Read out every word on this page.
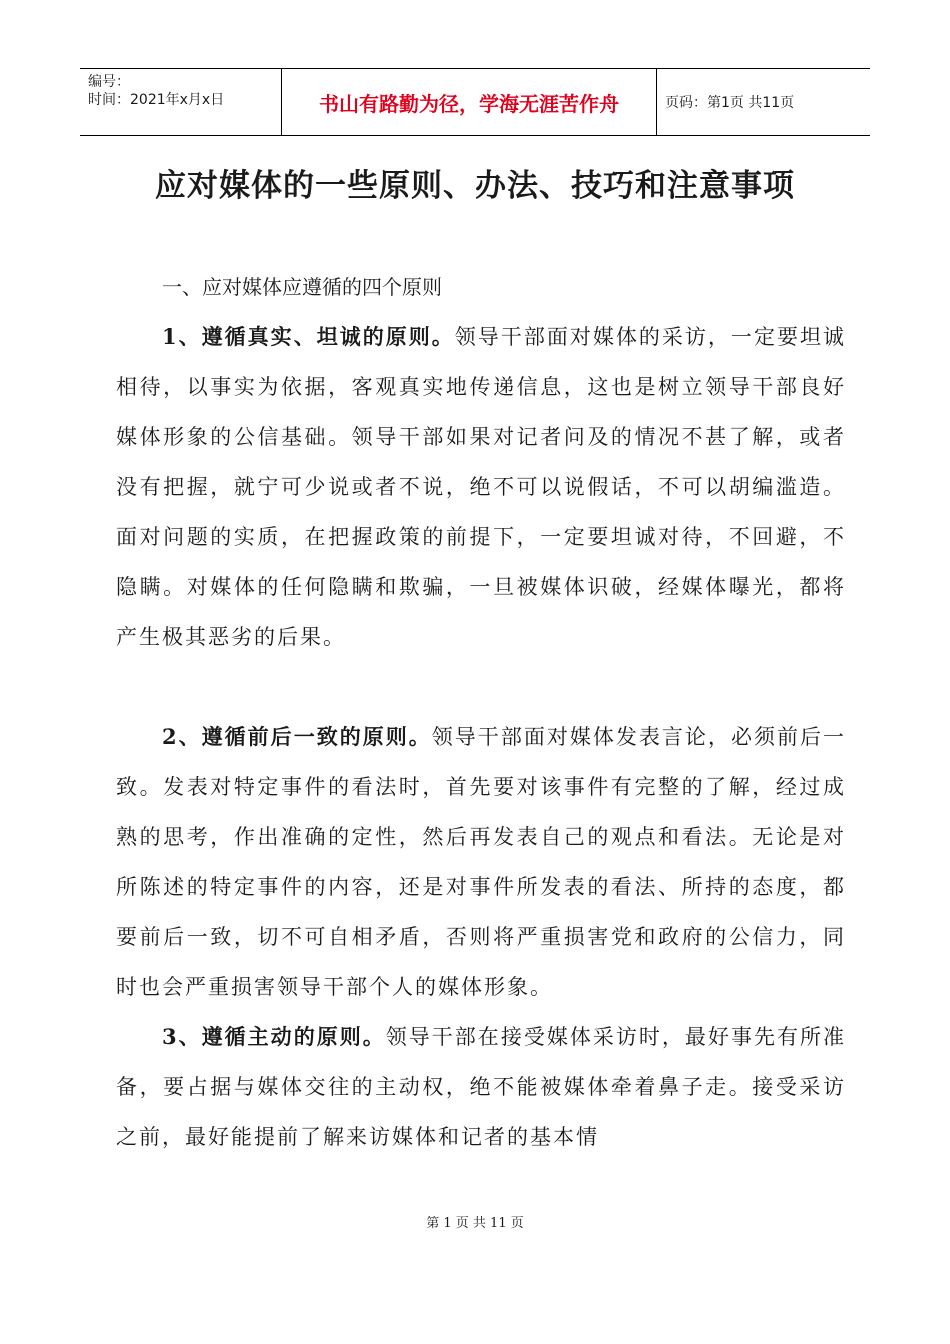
编号：
时间：2021年x月x日	书山有路勤为径，学海无涯苦作舟	页码：第1页 共11页
应对媒体的一些原则、办法、技巧和注意事项

一、应对媒体应遵循的四个原则

1、遵循真实、坦诚的原则。领导干部面对媒体的采访，一定要坦诚相待，以事实为依据，客观真实地传递信息，这也是树立领导干部良好媒体形象的公信基础。领导干部如果对记者问及的情况不甚了解，或者没有把握，就宁可少说或者不说，绝不可以说假话，不可以胡编滥造。面对问题的实质，在把握政策的前提下，一定要坦诚对待，不回避，不隐瞒。对媒体的任何隐瞒和欺骗，一旦被媒体识破，经媒体曝光，都将产生极其恶劣的后果。

2、遵循前后一致的原则。领导干部面对媒体发表言论，必须前后一致。发表对特定事件的看法时，首先要对该事件有完整的了解，经过成熟的思考，作出准确的定性，然后再发表自己的观点和看法。无论是对所陈述的特定事件的内容，还是对事件所发表的看法、所持的态度，都要前后一致，切不可自相矛盾，否则将严重损害党和政府的公信力，同时也会严重损害领导干部个人的媒体形象。

3、遵循主动的原则。领导干部在接受媒体采访时，最好事先有所准备，要占据与媒体交往的主动权，绝不能被媒体牵着鼻子走。接受采访之前，最好能提前了解来访媒体和记者的基本情

第 1 页 共 11 页
